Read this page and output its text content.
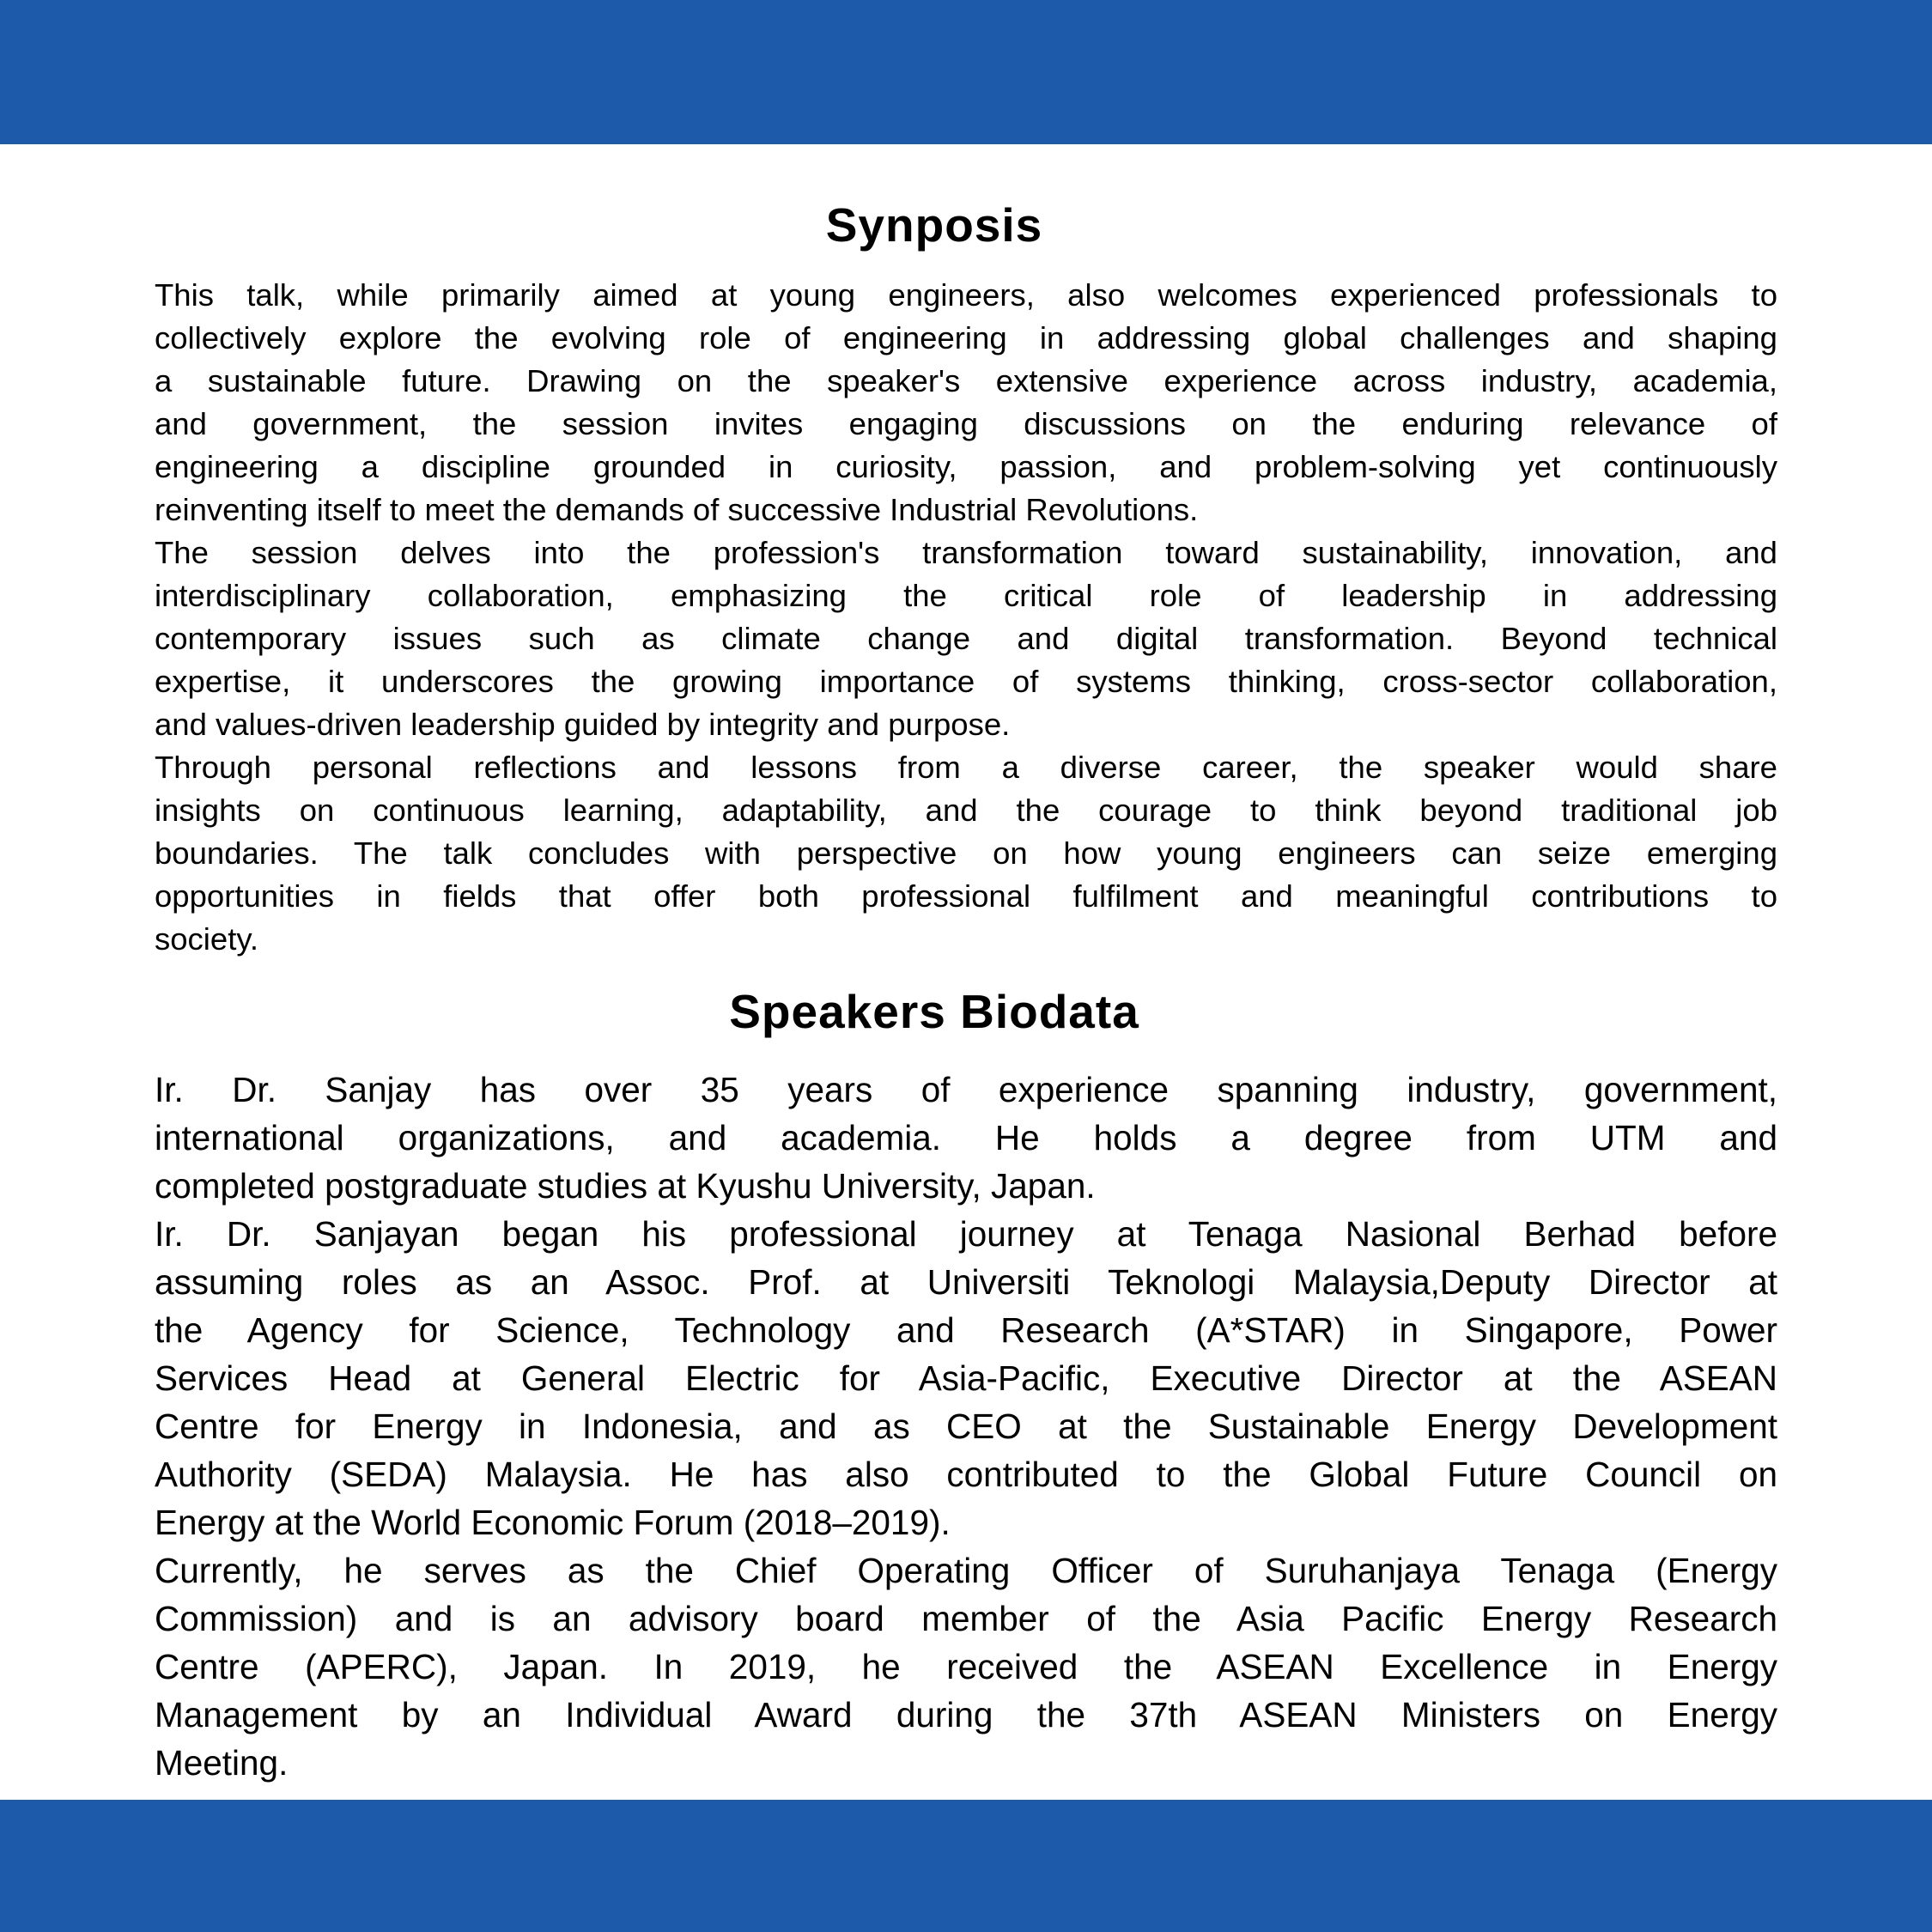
Synposis
This talk, while primarily aimed at young engineers, also welcomes experienced professionals to
collectively explore the evolving role of engineering in addressing global challenges and shaping
a sustainable future. Drawing on the speaker's extensive experience across industry, academia,
and government, the session invites engaging discussions on the enduring relevance of
engineering a discipline grounded in curiosity, passion, and problem-solving yet continuously
reinventing itself to meet the demands of successive Industrial Revolutions.
The session delves into the profession's transformation toward sustainability, innovation, and
interdisciplinary collaboration, emphasizing the critical role of leadership in addressing
contemporary issues such as climate change and digital transformation. Beyond technical
expertise, it underscores the growing importance of systems thinking, cross-sector collaboration,
and values-driven leadership guided by integrity and purpose.
Through personal reflections and lessons from a diverse career, the speaker would share
insights on continuous learning, adaptability, and the courage to think beyond traditional job
boundaries. The talk concludes with perspective on how young engineers can seize emerging
opportunities in fields that offer both professional fulfilment and meaningful contributions to
society.
Speakers Biodata
Ir. Dr. Sanjay has over 35 years of experience spanning industry, government,
international organizations, and academia. He holds a degree from UTM and
completed postgraduate studies at Kyushu University, Japan.
Ir. Dr. Sanjayan began his professional journey at Tenaga Nasional Berhad before
assuming roles as an Assoc. Prof. at Universiti Teknologi Malaysia,Deputy Director at
the Agency for Science, Technology and Research (A*STAR) in Singapore, Power
Services Head at General Electric for Asia-Pacific, Executive Director at the ASEAN
Centre for Energy in Indonesia, and as CEO at the Sustainable Energy Development
Authority (SEDA) Malaysia. He has also contributed to the Global Future Council on
Energy at the World Economic Forum (2018–2019).
Currently, he serves as the Chief Operating Officer of Suruhanjaya Tenaga (Energy
Commission) and is an advisory board member of the Asia Pacific Energy Research
Centre (APERC), Japan. In 2019, he received the ASEAN Excellence in Energy
Management by an Individual Award during the 37th ASEAN Ministers on Energy
Meeting.
